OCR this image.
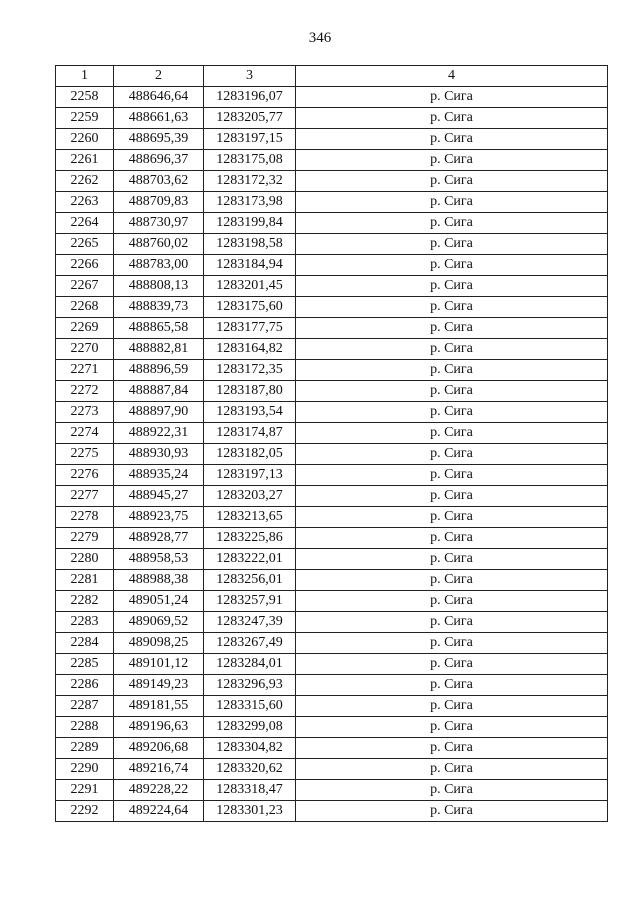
346
1	2	3	4
2258	488646,64	1283196,07	р. Сига
2259	488661,63	1283205,77	р. Сига
2260	488695,39	1283197,15	р. Сига
2261	488696,37	1283175,08	р. Сига
2262	488703,62	1283172,32	р. Сига
2263	488709,83	1283173,98	р. Сига
2264	488730,97	1283199,84	р. Сига
2265	488760,02	1283198,58	р. Сига
2266	488783,00	1283184,94	р. Сига
2267	488808,13	1283201,45	р. Сига
2268	488839,73	1283175,60	р. Сига
2269	488865,58	1283177,75	р. Сига
2270	488882,81	1283164,82	р. Сига
2271	488896,59	1283172,35	р. Сига
2272	488887,84	1283187,80	р. Сига
2273	488897,90	1283193,54	р. Сига
2274	488922,31	1283174,87	р. Сига
2275	488930,93	1283182,05	р. Сига
2276	488935,24	1283197,13	р. Сига
2277	488945,27	1283203,27	р. Сига
2278	488923,75	1283213,65	р. Сига
2279	488928,77	1283225,86	р. Сига
2280	488958,53	1283222,01	р. Сига
2281	488988,38	1283256,01	р. Сига
2282	489051,24	1283257,91	р. Сига
2283	489069,52	1283247,39	р. Сига
2284	489098,25	1283267,49	р. Сига
2285	489101,12	1283284,01	р. Сига
2286	489149,23	1283296,93	р. Сига
2287	489181,55	1283315,60	р. Сига
2288	489196,63	1283299,08	р. Сига
2289	489206,68	1283304,82	р. Сига
2290	489216,74	1283320,62	р. Сига
2291	489228,22	1283318,47	р. Сига
2292	489224,64	1283301,23	р. Сига
